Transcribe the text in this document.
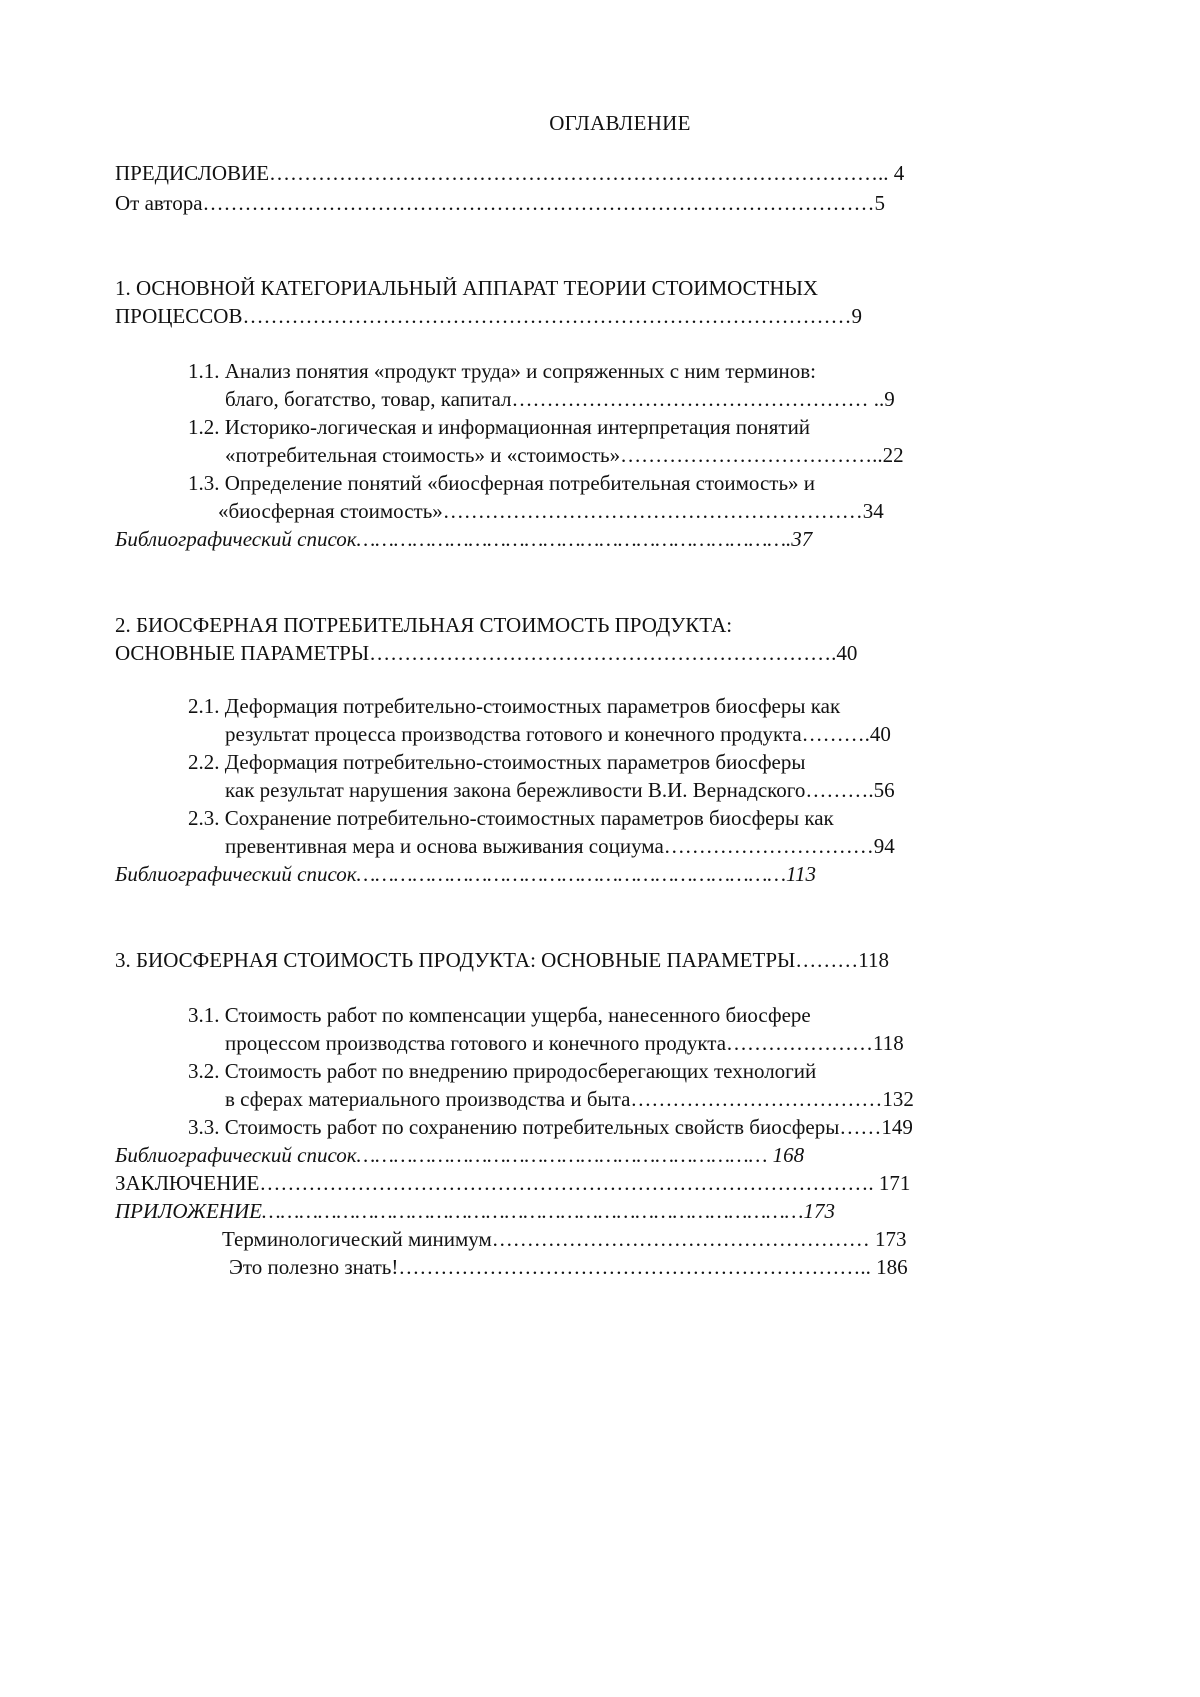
ОГЛАВЛЕНИЕ
ПРЕДИСЛОВИЕ…………………………………………………………………………….. 4
От автора……………………………………………………………………………………5
1. ОСНОВНОЙ КАТЕГОРИАЛЬНЫЙ АППАРАТ ТЕОРИИ СТОИМОСТНЫХ
ПРОЦЕССОВ……………………………………………………………………………9
1.1. Анализ понятия «продукт труда» и сопряженных с ним терминов:
благо, богатство, товар, капитал…………………………………………… ..9
1.2. Историко-логическая и информационная интерпретация понятий
«потребительная стоимость» и «стоимость»………………………………..22
1.3. Определение понятий «биосферная потребительная стоимость» и
«биосферная стоимость»……………………………………………………34
Библиографический список…………………………………………………………….37
2. БИОСФЕРНАЯ ПОТРЕБИТЕЛЬНАЯ СТОИМОСТЬ ПРОДУКТА:
ОСНОВНЫЕ ПАРАМЕТРЫ………………………………………………………….40
2.1. Деформация потребительно-стоимостных параметров биосферы как
результат процесса производства готового и конечного продукта……….40
2.2. Деформация потребительно-стоимостных параметров биосферы
как результат нарушения закона бережливости В.И. Вернадского……….56
2.3. Сохранение потребительно-стоимостных параметров биосферы как
превентивная мера и основа выживания социума…………………………94
Библиографический список……………………………………………………………113
3. БИОСФЕРНАЯ СТОИМОСТЬ ПРОДУКТА: ОСНОВНЫЕ ПАРАМЕТРЫ………118
3.1. Стоимость работ по компенсации ущерба, нанесенного биосфере
процессом производства готового и конечного продукта…………………118
3.2. Стоимость работ по внедрению природосберегающих технологий
в сферах материального производства и быта………………………………132
3.3. Стоимость работ по сохранению потребительных свойств биосферы……149
Библиографический список………………………………………………………… 168
ЗАКЛЮЧЕНИЕ……………………………………………………………………………. 171
ПРИЛОЖЕНИЕ……………………………………………………………………………173
Терминологический минимум……………………………………………… 173
Это полезно знать!………………………………………………………….. 186
